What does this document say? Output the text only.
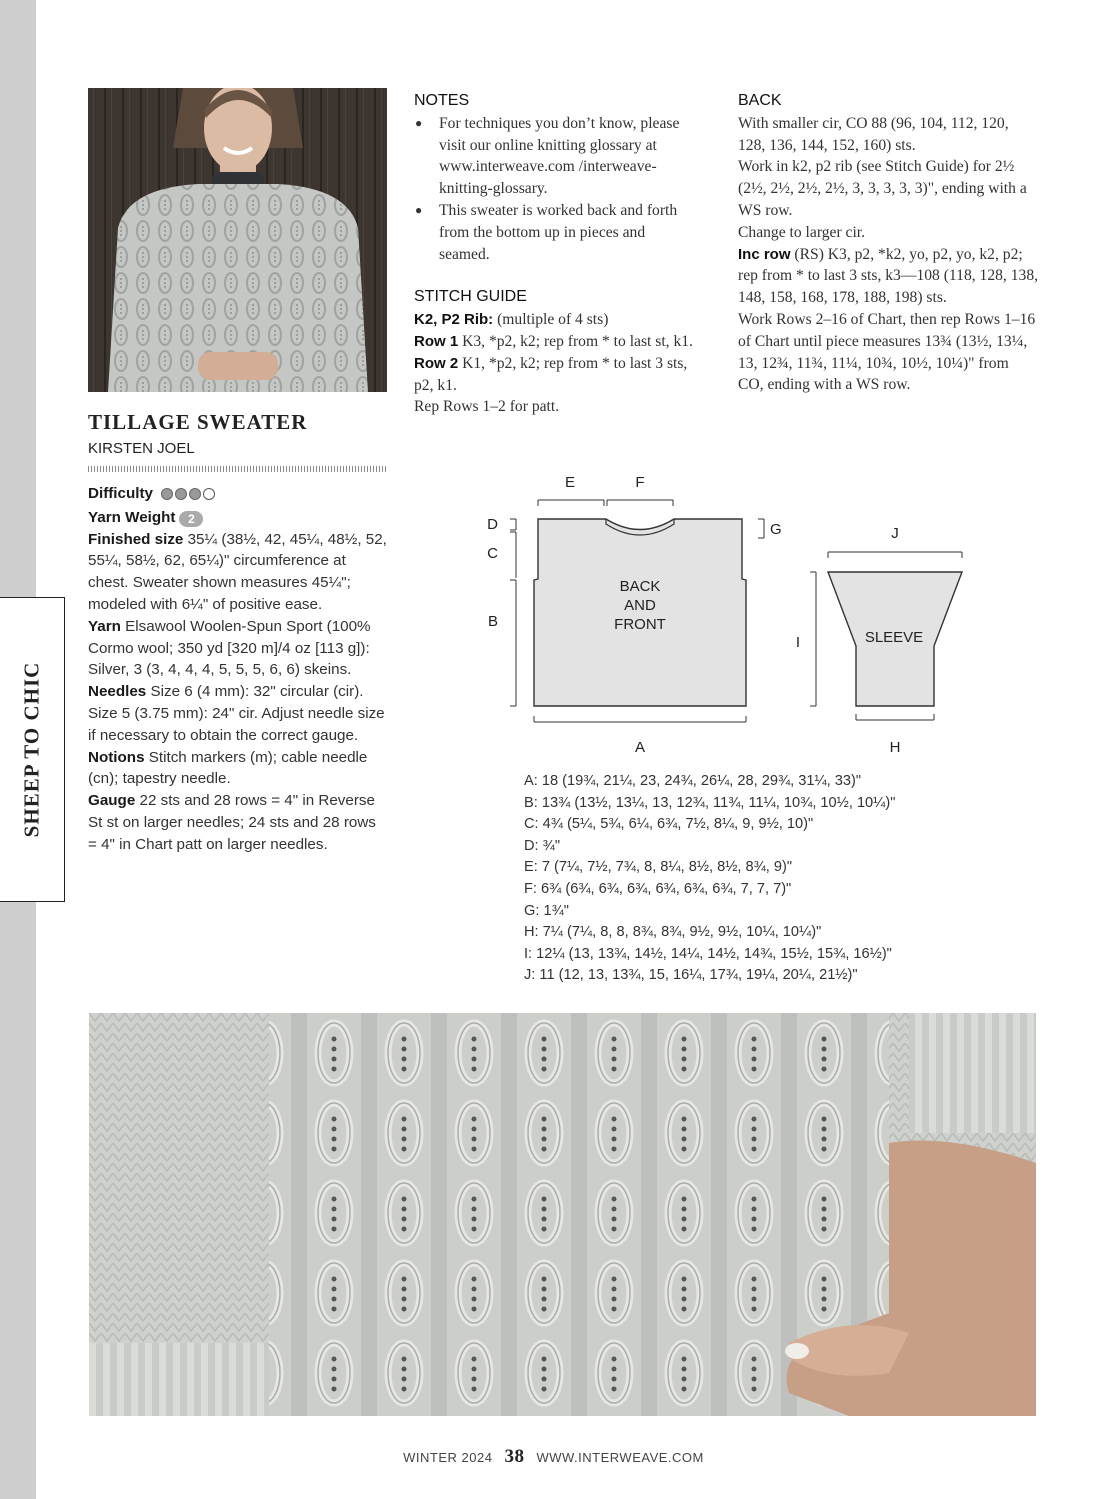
SHEEP TO CHIC
TILLAGE SWEATER
KIRSTEN JOEL

Difficulty

Yarn Weight 2

Finished size 35¼ (38½, 42, 45¼, 48½, 52, 55¼, 58½, 62, 65¼)" circumference at chest. Sweater shown measures 45¼"; modeled with 6¼" of positive ease.

Yarn Elsawool Woolen-Spun Sport (100% Cormo wool; 350 yd [320 m]/4 oz [113 g]): Silver, 3 (3, 4, 4, 4, 5, 5, 5, 6, 6) skeins.

Needles Size 6 (4 mm): 32" circular (cir). Size 5 (3.75 mm): 24" cir. Adjust needle size if necessary to obtain the correct gauge.

Notions Stitch markers (m); cable needle (cn); tapestry needle.

Gauge 22 sts and 28 rows = 4" in Reverse St st on larger needles; 24 sts and 28 rows = 4" in Chart patt on larger needles.

NOTES

● For techniques you don’t know, please visit our online knitting glossary at www.interweave.com /interweave-knitting-glossary.

● This sweater is worked back and forth from the bottom up in pieces and seamed.

STITCH GUIDE

K2, P2 Rib: (multiple of 4 sts)

Row 1 K3, *p2, k2; rep from * to last st, k1.

Row 2 K1, *p2, k2; rep from * to last 3 sts, p2, k1.

Rep Rows 1–2 for patt.

BACK

With smaller cir, CO 88 (96, 104, 112, 120, 128, 136, 144, 152, 160) sts.

Work in k2, p2 rib (see Stitch Guide) for 2½ (2½, 2½, 2½, 2½, 3, 3, 3, 3, 3)", ending with a WS row.

Change to larger cir.

Inc row (RS) K3, p2, *k2, yo, p2, yo, k2, p2; rep from * to last 3 sts, k3—108 (118, 128, 138, 148, 158, 168, 178, 188, 198) sts.

Work Rows 2–16 of Chart, then rep Rows 1–16 of Chart until piece measures 13¾ (13½, 13¼, 13, 12¾, 11¾, 11¼, 10¾, 10½, 10¼)" from CO, ending with a WS row.

BACK
AND
FRONT
SLEEVE
A
B
C
D
E	F
G
H
I
J

A: 18 (19¾, 21¼, 23, 24¾, 26¼, 28, 29¾, 31¼, 33)"

B: 13¾ (13½, 13¼, 13, 12¾, 11¾, 11¼, 10¾, 10½, 10¼)"

C: 4¾ (5¼, 5¾, 6¼, 6¾, 7½, 8¼, 9, 9½, 10)"

D: ¾"

E: 7 (7¼, 7½, 7¾, 8, 8¼, 8½, 8½, 8¾, 9)"

F: 6¾ (6¾, 6¾, 6¾, 6¾, 6¾, 6¾, 7, 7, 7)"

G: 1¾"

H: 7¼ (7¼, 8, 8, 8¾, 8¾, 9½, 9½, 10¼, 10¼)"

I: 12¼ (13, 13¾, 14½, 14¼, 14½, 14¾, 15½, 15¾, 16½)"

J: 11 (12, 13, 13¾, 15, 16¼, 17¾, 19¼, 20¼, 21½)"

WINTER 2024 38 WWW.INTERWEAVE.COM
